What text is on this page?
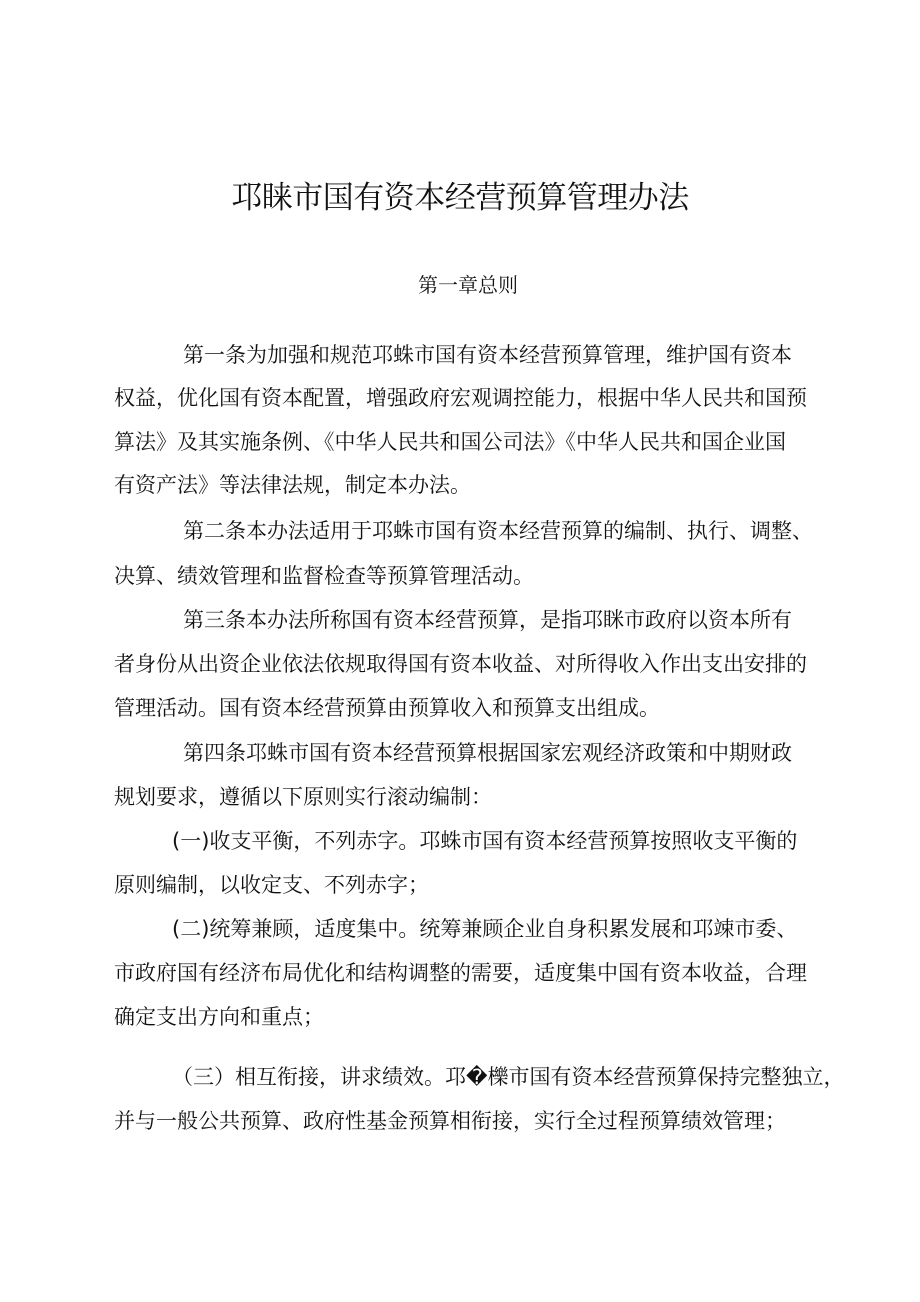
邛睐市国有资本经营预算管理办法
第一章总则
第一条为加强和规范邛蛛市国有资本经营预算管理，维护国有资本
权益，优化国有资本配置，增强政府宏观调控能力，根据中华人民共和国预
算法》及其实施条例、《中华人民共和国公司法》《中华人民共和国企业国
有资产法》等法律法规，制定本办法。
第二条本办法适用于邛蛛市国有资本经营预算的编制、执行、调整、
决算、绩效管理和监督检查等预算管理活动。
第三条本办法所称国有资本经营预算，是指邛眯市政府以资本所有
者身份从出资企业依法依规取得国有资本收益、对所得收入作出支出安排的
管理活动。国有资本经营预算由预算收入和预算支出组成。
第四条邛蛛市国有资本经营预算根据国家宏观经济政策和中期财政
规划要求，遵循以下原则实行滚动编制：
(一)收支平衡，不列赤字。邛蛛市国有资本经营预算按照收支平衡的
原则编制，以收定支、不列赤字；
(二)统筹兼顾，适度集中。统筹兼顾企业自身积累发展和邛竦市委、
市政府国有经济布局优化和结构调整的需要，适度集中国有资本收益，合理
确定支出方向和重点；
（三）相互衔接，讲求绩效。邛�櫟市国有资本经营预算保持完整独立，
并与一般公共预算、政府性基金预算相衔接，实行全过程预算绩效管理；
